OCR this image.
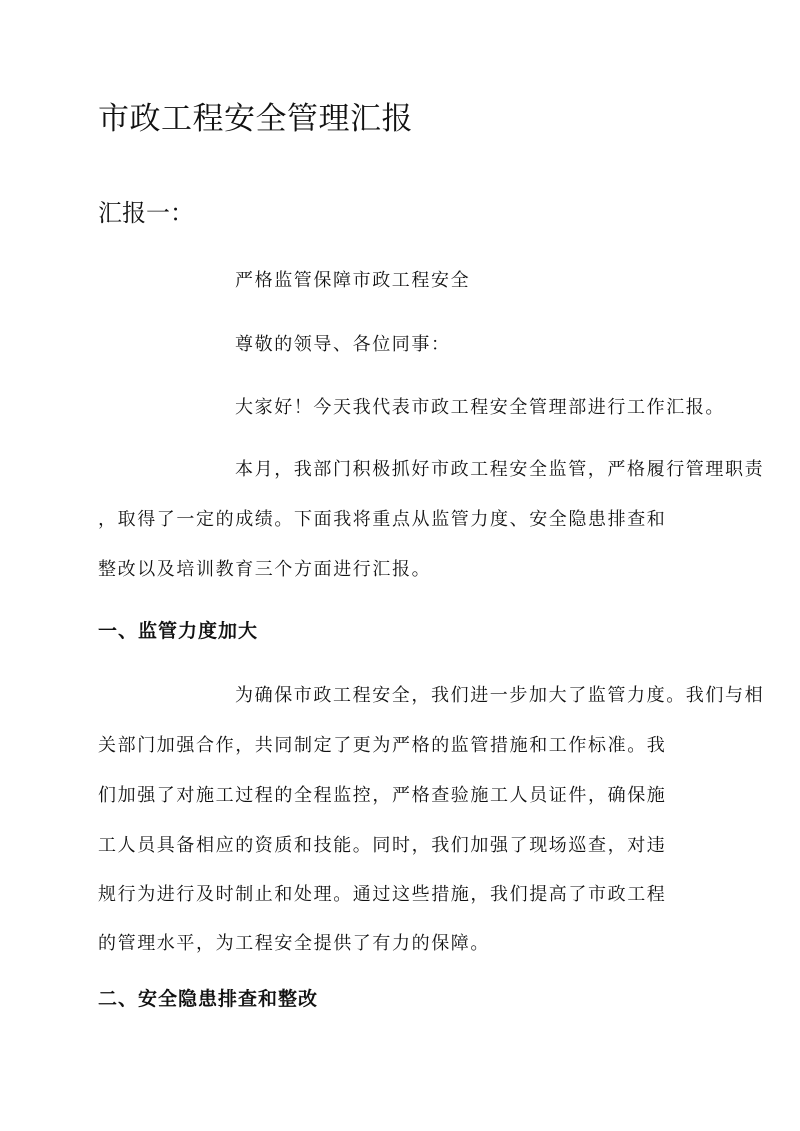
市政工程安全管理汇报
汇报一：
严格监管保障市政工程安全
尊敬的领导、各位同事：
大家好！今天我代表市政工程安全管理部进行工作汇报。
本月，我部门积极抓好市政工程安全监管，严格履行管理职责
，取得了一定的成绩。下面我将重点从监管力度、安全隐患排查和
整改以及培训教育三个方面进行汇报。
一、监管力度加大
为确保市政工程安全，我们进一步加大了监管力度。我们与相
关部门加强合作，共同制定了更为严格的监管措施和工作标准。我
们加强了对施工过程的全程监控，严格查验施工人员证件，确保施
工人员具备相应的资质和技能。同时，我们加强了现场巡查，对违
规行为进行及时制止和处理。通过这些措施，我们提高了市政工程
的管理水平，为工程安全提供了有力的保障。
二、安全隐患排查和整改
